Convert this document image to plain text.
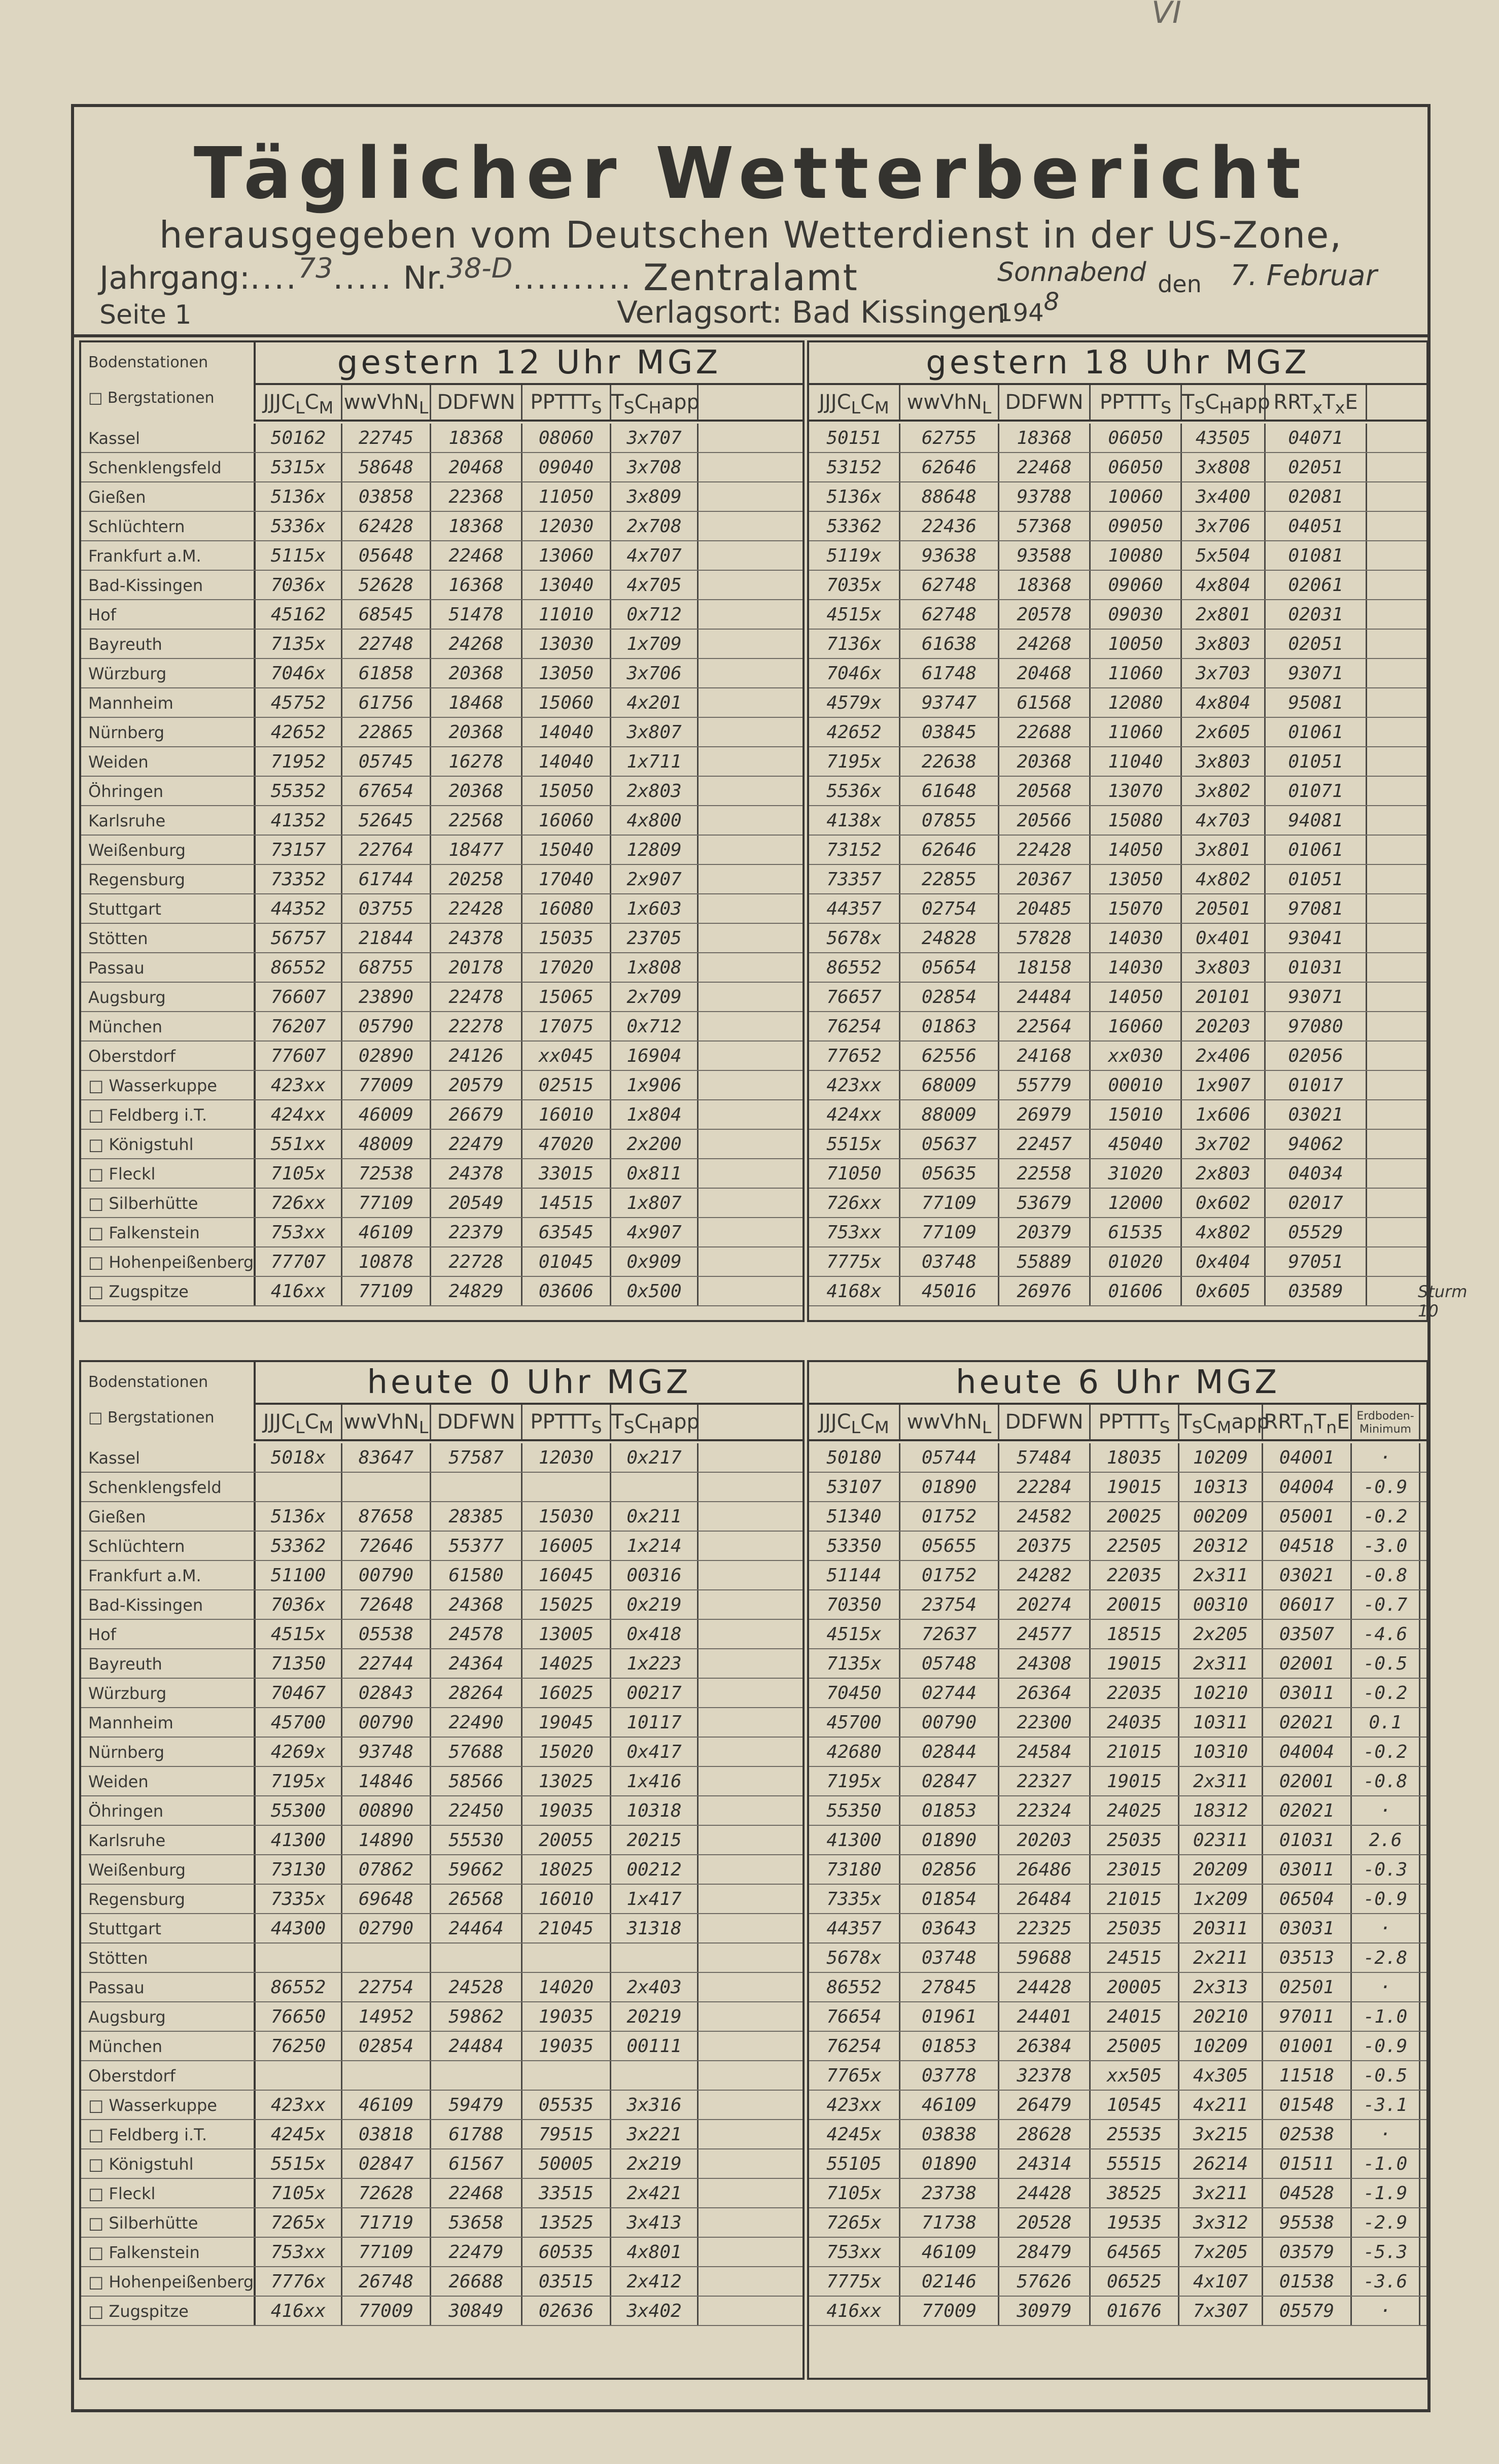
VI
Täglicher Wetterbericht
herausgegeben vom Deutschen Wetterdienst in der US-Zone, Zentralamt
Jahrgang:....73..... Nr.38-D..........	Sonnabend den 7. Februar 1948
Seite 1	Verlagsort: Bad Kissingen
Bodenstationen
□ Bergstationen
gestern 12 Uhr MGZ
$JJJC_LC_M$ wwVhN$_L$ DDFWN $PPTTT_S$ $T_SC_Happ$
Kassel	50162	22745	18368	08060	3x707
Schenklengsfeld	5315x	58648	20468	09040	3x708
Gießen	5136x	03858	22368	11050	3x809
Schlüchtern	5336x	62428	18368	12030	2x708
Frankfurt a.M.	5115x	05648	22468	13060	4x707
Bad-Kissingen	7036x	52628	16368	13040	4x705
Hof	45162	68545	51478	11010	0x712
Bayreuth	7135x	22748	24268	13030	1x709
Würzburg	7046x	61858	20368	13050	3x706
Mannheim	45752	61756	18468	15060	4x201
Nürnberg	42652	22865	20368	14040	3x807
Weiden	71952	05745	16278	14040	1x711
Öhringen	55352	67654	20368	15050	2x803
Karlsruhe	41352	52645	22568	16060	4x800
Weißenburg	73157	22764	18477	15040	12809
Regensburg	73352	61744	20258	17040	2x907
Stuttgart	44352	03755	22428	16080	1x603
Stötten	56757	21844	24378	15035	23705
Passau	86552	68755	20178	17020	1x808
Augsburg	76607	23890	22478	15065	2x709
München	76207	05790	22278	17075	0x712
Oberstdorf	77607	02890	24126	xx045	16904
□ Wasserkuppe	423xx	77009	20579	02515	1x906
□ Feldberg i.T.	424xx	46009	26679	16010	1x804
□ Königstuhl	551xx	48009	22479	47020	2x200
□ Fleckl	7105x	72538	24378	33015	0x811
□ Silberhütte	726xx	77109	20549	14515	1x807
□ Falkenstein	753xx	46109	22379	63545	4x907
□ Hohenpeißenberg 77707	10878	22728	01045	0x909
□ Zugspitze	416xx	77109	24829	03606	0x500
gestern 18 Uhr MGZ
$JJJC_LC_M$ wwVhN$_L$ DDFWN $PPTTT_S$ $T_SC_Happ$ $RRT_xT_xE$
50151	62755	18368	06050	43505	04071
53152	62646	22468	06050	3x808	02051
5136x	88648	93788	10060	3x400	02081
53362	22436	57368	09050	3x706	04051
5119x	93638	93588	10080	5x504	01081
7035x	62748	18368	09060	4x804	02061
4515x	62748	20578	09030	2x801	02031
7136x	61638	24268	10050	3x803	02051
7046x	61748	20468	11060	3x703	93071
4579x	93747	61568	12080	4x804	95081
42652	03845	22688	11060	2x605	01061
7195x	22638	20368	11040	3x803	01051
5536x	61648	20568	13070	3x802	01071
4138x	07855	20566	15080	4x703	94081
73152	62646	22428	14050	3x801	01061
73357	22855	20367	13050	4x802	01051
44357	02754	20485	15070	20501	97081
5678x	24828	57828	14030	0x401	93041
86552	05654	18158	14030	3x803	01031
76657	02854	24484	14050	20101	93071
76254	01863	22564	16060	20203	97080
77652	62556	24168	xx030	2x406	02056
423xx	68009	55779	00010	1x907	01017
424xx	88009	26979	15010	1x606	03021
5515x	05637	22457	45040	3x702	94062
71050	05635	22558	31020	2x803	04034
726xx	77109	53679	12000	0x602	02017
753xx	77109	20379	61535	4x802	05529
7775x	03748	55889	01020	0x404	97051
4168x	45016	26976	01606	0x605	03589	Sturm 10
Bodenstationen
□ Bergstationen
heute 0 Uhr MGZ
$JJJC_LC_M$ wwVhN$_L$ DDFWN $PPTTT_S$ $T_SC_Happ$
Kassel	5018x	83647	57587	12030	0x217
Schenklengsfeld
Gießen	5136x	87658	28385	15030	0x211
Schlüchtern	53362	72646	55377	16005	1x214
Frankfurt a.M.	51100	00790	61580	16045	00316
Bad-Kissingen	7036x	72648	24368	15025	0x219
Hof	4515x	05538	24578	13005	0x418
Bayreuth	71350	22744	24364	14025	1x223
Würzburg	70467	02843	28264	16025	00217
Mannheim	45700	00790	22490	19045	10117
Nürnberg	4269x	93748	57688	15020	0x417
Weiden	7195x	14846	58566	13025	1x416
Öhringen	55300	00890	22450	19035	10318
Karlsruhe	41300	14890	55530	20055	20215
Weißenburg	73130	07862	59662	18025	00212
Regensburg	7335x	69648	26568	16010	1x417
Stuttgart	44300	02790	24464	21045	31318
Stötten
Passau	86552	22754	24528	14020	2x403
Augsburg	76650	14952	59862	19035	20219
München	76250	02854	24484	19035	00111
Oberstdorf
□ Wasserkuppe	423xx	46109	59479	05535	3x316
□ Feldberg i.T.	4245x	03818	61788	79515	3x221
□ Königstuhl	5515x	02847	61567	50005	2x219
□ Fleckl	7105x	72628	22468	33515	2x421
□ Silberhütte	7265x	71719	53658	13525	3x413
□ Falkenstein	753xx	77109	22479	60535	4x801
□ Hohenpeißenberg 7776x	26748	26688	03515	2x412
□ Zugspitze	416xx	77009	30849	02636	3x402
heute 6 Uhr MGZ
$JJJC_LC_M$ wwVhN$_L$ DDFWN $PPTTT_S$ $T_SC_Mapp$
$RRT_nT_nE$ Erdboden-
Minimum
50180	05744	57484	18035	10209	04001	·
53107	01890	22284	19015	10313	04004	-0.9
51340	01752	24582	20025	00209	05001	-0.2
53350	05655	20375	22505	20312	04518	-3.0
51144	01752	24282	22035	2x311	03021	-0.8
70350	23754	20274	20015	00310	06017	-0.7
4515x	72637	24577	18515	2x205	03507	-4.6
7135x	05748	24308	19015	2x311	02001	-0.5
70450	02744	26364	22035	10210	03011	-0.2
45700	00790	22300	24035	10311	02021	0.1
42680	02844	24584	21015	10310	04004	-0.2
7195x	02847	22327	19015	2x311	02001	-0.8
55350	01853	22324	24025	18312	02021	·
41300	01890	20203	25035	02311	01031	2.6
73180	02856	26486	23015	20209	03011	-0.3
7335x	01854	26484	21015	1x209	06504	-0.9
44357	03643	22325	25035	20311	03031	·
5678x	03748	59688	24515	2x211	03513	-2.8
86552	27845	24428	20005	2x313	02501	·
76654	01961	24401	24015	20210	97011	-1.0
76254	01853	26384	25005	10209	01001	-0.9
7765x	03778	32378	xx505	4x305	11518	-0.5
423xx	46109	26479	10545	4x211	01548	-3.1
4245x	03838	28628	25535	3x215	02538	·
55105	01890	24314	55515	26214	01511	-1.0
7105x	23738	24428	38525	3x211	04528	-1.9
7265x	71738	20528	19535	3x312	95538	-2.9
753xx	46109	28479	64565	7x205	03579	-5.3
7775x	02146	57626	06525	4x107	01538	-3.6
416xx	77009	30979	01676	7x307	05579	·
